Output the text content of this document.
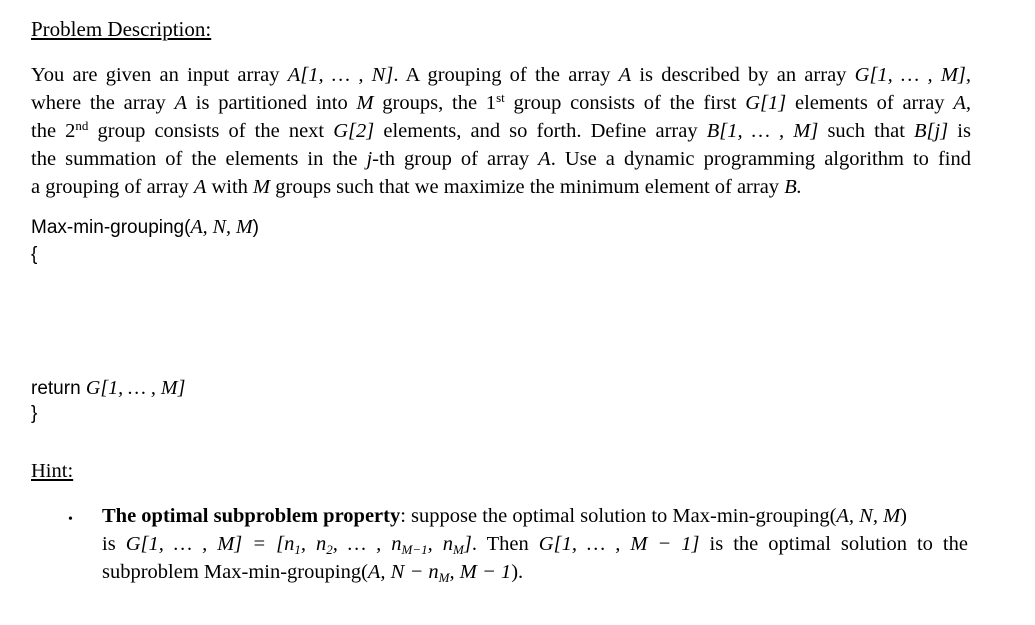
Problem Description:
You are given an input array A[1, … , N]. A grouping of the array A is described by an array G[1, … , M],
where the array A is partitioned into M groups, the 1st group consists of the first G[1] elements of array A,
the 2nd group consists of the next G[2] elements, and so forth. Define array B[1, … , M] such that B[j] is
the summation of the elements in the j-th group of array A. Use a dynamic programming algorithm to find
a grouping of array A with M groups such that we maximize the minimum element of array B.
Max-min-grouping(A, N, M)
{
return G[1, … , M]
}
Hint:
• The optimal subproblem property: suppose the optimal solution to Max-min-grouping(A, N, M)
is G[1, … , $M] = [n_1$, $n_2$, … , $n_{M-1}$, $n_M$]. Then G[1, … , M − 1] is the optimal solution to the
subproblem Max-min-grouping(A, $N - n_M$, M − 1).
